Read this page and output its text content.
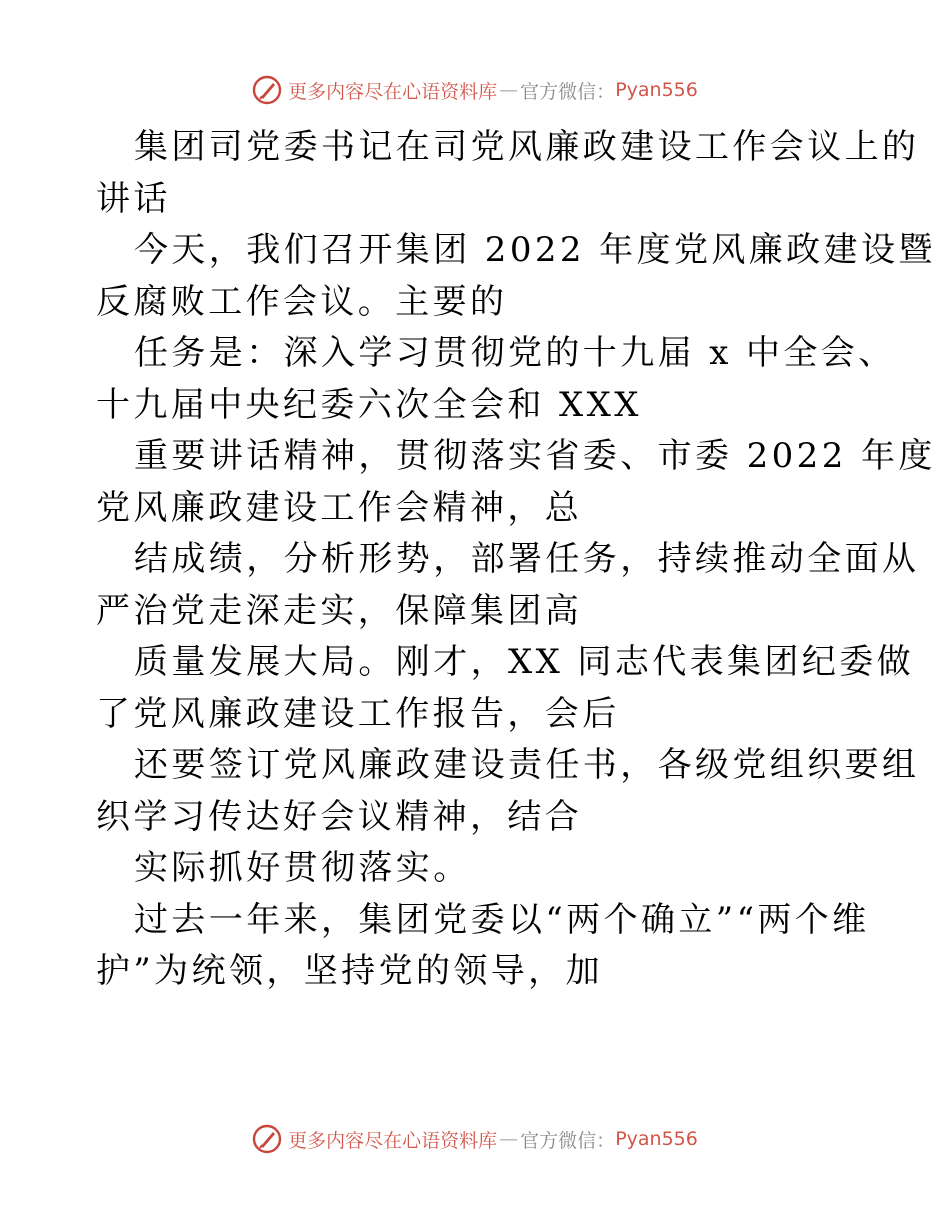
更多内容尽在心语资料库 — 官方微信： Pyan556

集团司党委书记在司党风廉政建设工作会议上的
讲话

今天，我们召开集团 2022 年度党风廉政建设暨
反腐败工作会议。主要的

任务是：深入学习贯彻党的十九届 x 中全会、
十九届中央纪委六次全会和 XXX

重要讲话精神，贯彻落实省委、市委 2022 年度
党风廉政建设工作会精神，总

结成绩，分析形势，部署任务，持续推动全面从
严治党走深走实，保障集团高

质量发展大局。刚才，XX 同志代表集团纪委做
了党风廉政建设工作报告，会后

还要签订党风廉政建设责任书，各级党组织要组
织学习传达好会议精神，结合

实际抓好贯彻落实。

过去一年来，集团党委以“两个确立”“两个维
护”为统领，坚持党的领导，加

更多内容尽在心语资料库 — 官方微信： Pyan556
